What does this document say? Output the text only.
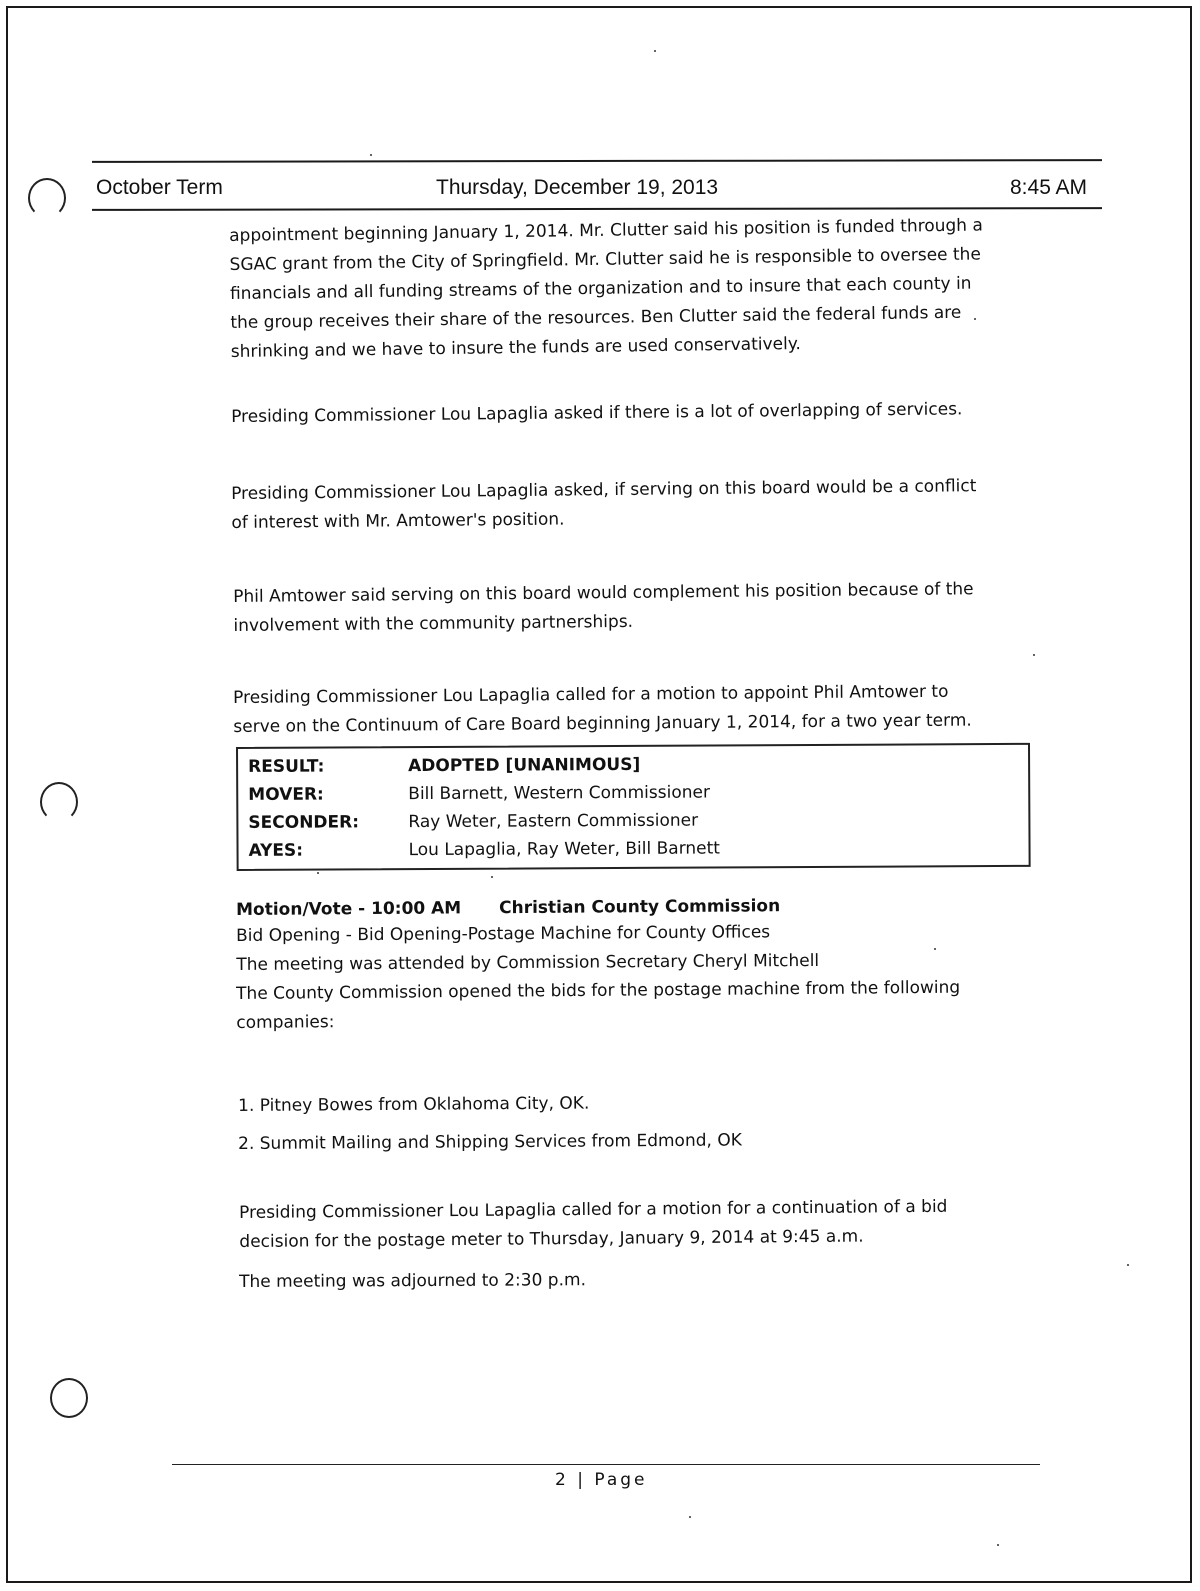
October Term	Thursday, December 19, 2013	8:45 AM
appointment beginning January 1, 2014. Mr. Clutter said his position is funded through a
SGAC grant from the City of Springfield. Mr. Clutter said he is responsible to oversee the
financials and all funding streams of the organization and to insure that each county in
the group receives their share of the resources. Ben Clutter said the federal funds are
shrinking and we have to insure the funds are used conservatively.
Presiding Commissioner Lou Lapaglia asked if there is a lot of overlapping of services.
Presiding Commissioner Lou Lapaglia asked, if serving on this board would be a conflict
of interest with Mr. Amtower's position.
Phil Amtower said serving on this board would complement his position because of the
involvement with the community partnerships.
Presiding Commissioner Lou Lapaglia called for a motion to appoint Phil Amtower to
serve on the Continuum of Care Board beginning January 1, 2014, for a two year term.
RESULT:	ADOPTED [UNANIMOUS]
MOVER:	Bill Barnett, Western Commissioner
SECONDER:	Ray Weter, Eastern Commissioner
AYES:	Lou Lapaglia, Ray Weter, Bill Barnett
Motion/Vote - 10:00 AM Christian County Commission
Bid Opening - Bid Opening-Postage Machine for County Offices
The meeting was attended by Commission Secretary Cheryl Mitchell
The County Commission opened the bids for the postage machine from the following
companies:
1. Pitney Bowes from Oklahoma City, OK.
2. Summit Mailing and Shipping Services from Edmond, OK
Presiding Commissioner Lou Lapaglia called for a motion for a continuation of a bid
decision for the postage meter to Thursday, January 9, 2014 at 9:45 a.m.
The meeting was adjourned to 2:30 p.m.
2 | Page
